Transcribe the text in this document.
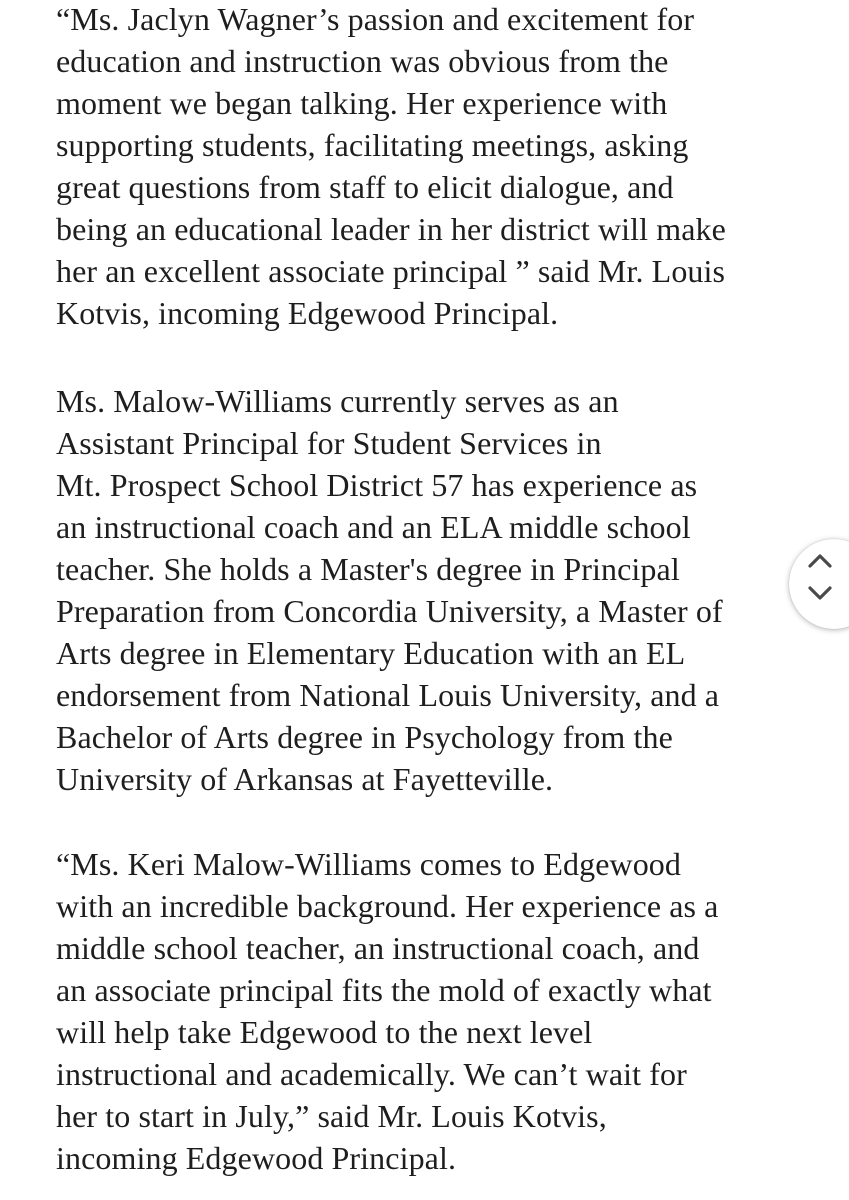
“Ms. Jaclyn Wagner’s passion and excitement for
education and instruction was obvious from the
moment we began talking. Her experience with
supporting students, facilitating meetings, asking
great questions from staff to elicit dialogue, and
being an educational leader in her district will make
her an excellent associate principal ” said Mr. Louis
Kotvis, incoming Edgewood Principal.
Ms. Malow-Williams currently serves as an
Assistant Principal for Student Services in
Mt. Prospect School District 57 has experience as
an instructional coach and an ELA middle school
teacher. She holds a Master's degree in Principal
Preparation from Concordia University, a Master of
Arts degree in Elementary Education with an EL
endorsement from National Louis University, and a
Bachelor of Arts degree in Psychology from the
University of Arkansas at Fayetteville.
“Ms. Keri Malow-Williams comes to Edgewood
with an incredible background. Her experience as a
middle school teacher, an instructional coach, and
an associate principal fits the mold of exactly what
will help take Edgewood to the next level
instructional and academically. We can’t wait for
her to start in July,” said Mr. Louis Kotvis,
incoming Edgewood Principal.
